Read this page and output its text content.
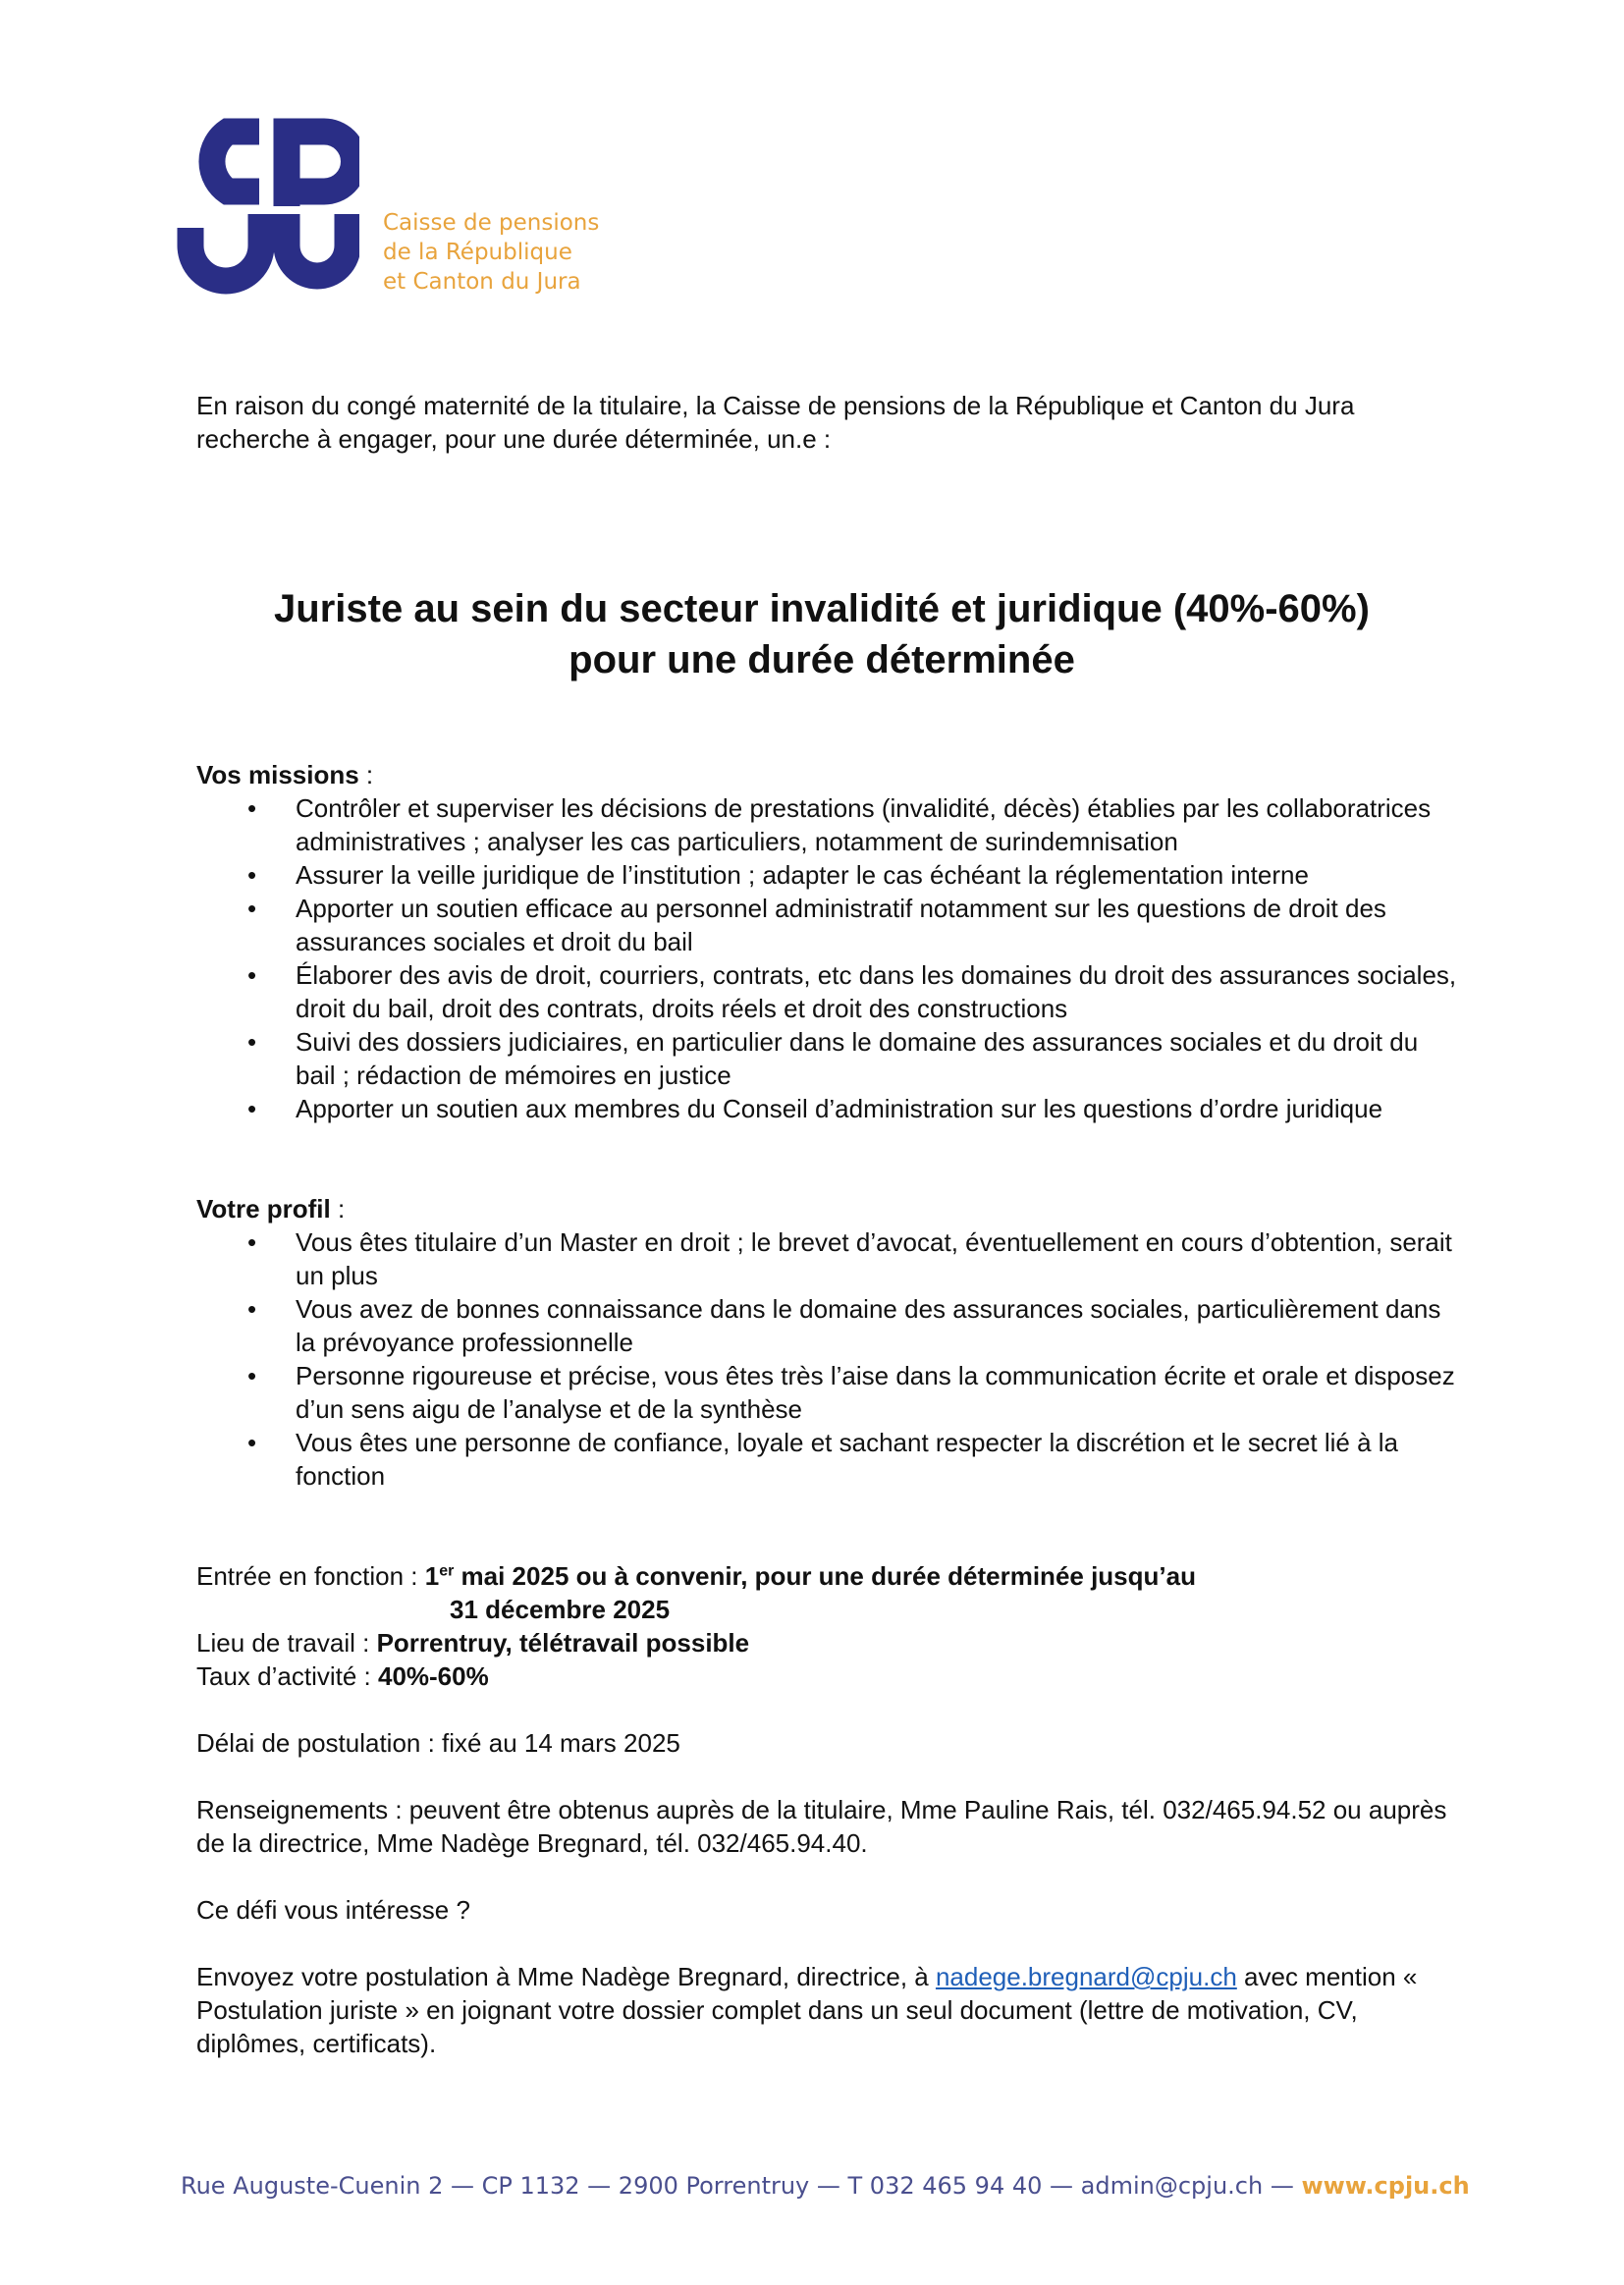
Caisse de pensions
de la République
et Canton du Jura

En raison du congé maternité de la titulaire, la Caisse de pensions de la République et Canton du Jura recherche à engager, pour une durée déterminée, un.e :

Juriste au sein du secteur invalidité et juridique (40%-60%)
pour une durée déterminée
Vos missions :
• Contrôler et superviser les décisions de prestations (invalidité, décès) établies par les collaboratrices administratives ; analyser les cas particuliers, notamment de surindemnisation
• Assurer la veille juridique de l’institution ; adapter le cas échéant la réglementation interne
• Apporter un soutien efficace au personnel administratif notamment sur les questions de droit des assurances sociales et droit du bail
• Élaborer des avis de droit, courriers, contrats, etc dans les domaines du droit des assurances sociales, droit du bail, droit des contrats, droits réels et droit des constructions
• Suivi des dossiers judiciaires, en particulier dans le domaine des assurances sociales et du droit du bail ; rédaction de mémoires en justice
• Apporter un soutien aux membres du Conseil d’administration sur les questions d’ordre juridique
Votre profil :
• Vous êtes titulaire d’un Master en droit ; le brevet d’avocat, éventuellement en cours d’obtention, serait un plus
• Vous avez de bonnes connaissance dans le domaine des assurances sociales, particulièrement dans la prévoyance professionnelle
• Personne rigoureuse et précise, vous êtes très l’aise dans la communication écrite et orale et disposez d’un sens aigu de l’analyse et de la synthèse
• Vous êtes une personne de confiance, loyale et sachant respecter la discrétion et le secret lié à la fonction

Entrée en fonction : 1er mai 2025 ou à convenir, pour une durée déterminée jusqu’au

31 décembre 2025

Lieu de travail : Porrentruy, télétravail possible

Taux d’activité : 40%-60%

Délai de postulation : fixé au 14 mars 2025

Renseignements : peuvent être obtenus auprès de la titulaire, Mme Pauline Rais, tél. 032/465.94.52 ou auprès de la directrice, Mme Nadège Bregnard, tél. 032/465.94.40.

Ce défi vous intéresse ?

Envoyez votre postulation à Mme Nadège Bregnard, directrice, à nadege.bregnard@cpju.ch avec mention « Postulation juriste » en joignant votre dossier complet dans un seul document (lettre de motivation, CV, diplômes, certificats).

Rue Auguste-Cuenin 2 — CP 1132 — 2900 Porrentruy — T 032 465 94 40 — admin@cpju.ch — www.cpju.ch
